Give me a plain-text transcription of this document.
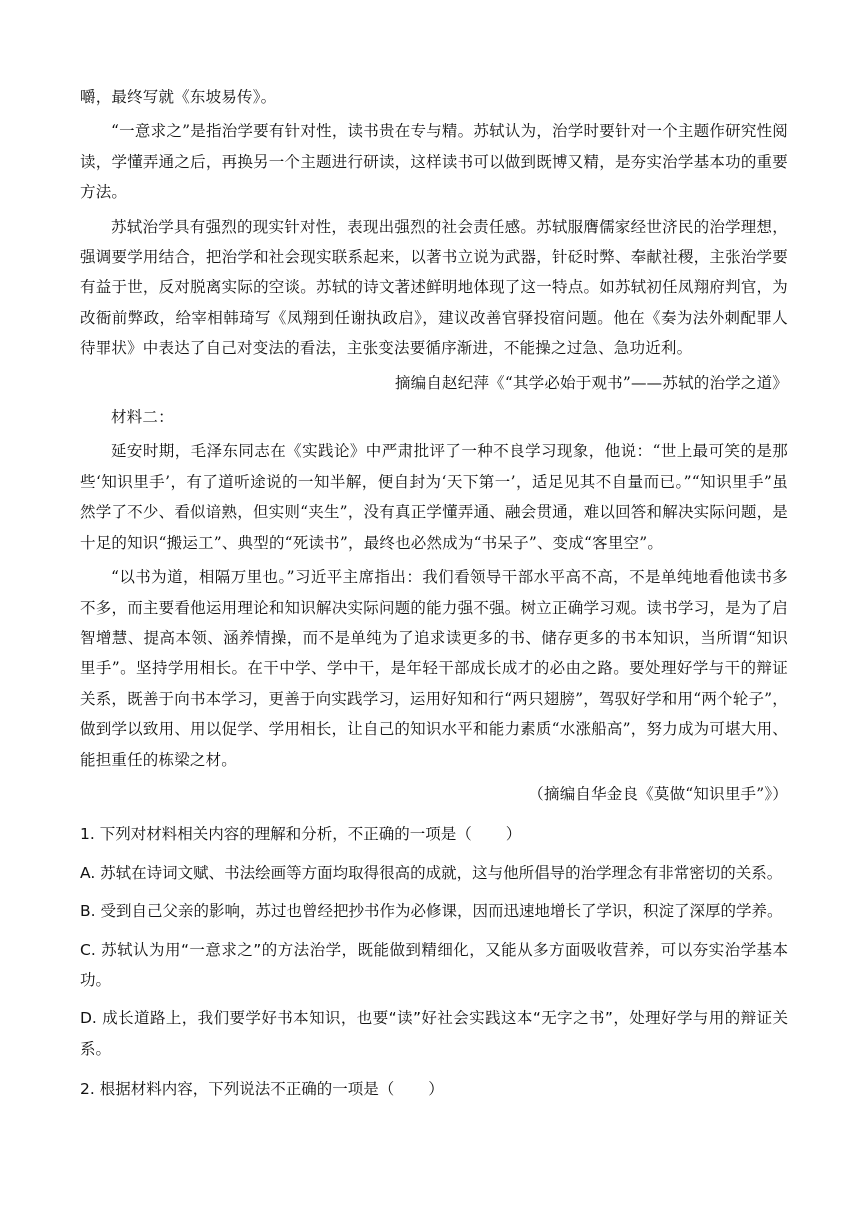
嚼，最终写就《东坡易传》。

“一意求之”是指治学要有针对性，读书贵在专与精。苏轼认为，治学时要针对一个主题作研究性阅读，学懂弄通之后，再换另一个主题进行研读，这样读书可以做到既博又精，是夯实治学基本功的重要方法。

苏轼治学具有强烈的现实针对性，表现出强烈的社会责任感。苏轼服膺儒家经世济民的治学理想，强调要学用结合，把治学和社会现实联系起来，以著书立说为武器，针砭时弊、奉献社稷，主张治学要有益于世，反对脱离实际的空谈。苏轼的诗文著述鲜明地体现了这一特点。如苏轼初任凤翔府判官，为改衙前弊政，给宰相韩琦写《凤翔到任谢执政启》，建议改善官驿投宿问题。他在《奏为法外刺配罪人待罪状》中表达了自己对变法的看法，主张变法要循序渐进，不能操之过急、急功近利。

摘编自赵纪萍《“其学必始于观书”——苏轼的治学之道》

材料二：

延安时期，毛泽东同志在《实践论》中严肃批评了一种不良学习现象，他说：“世上最可笑的是那些‘知识里手’，有了道听途说的一知半解，便自封为‘天下第一’，适足见其不自量而已。”“知识里手”虽然学了不少、看似谙熟，但实则“夹生”，没有真正学懂弄通、融会贯通，难以回答和解决实际问题，是十足的知识“搬运工”、典型的“死读书”，最终也必然成为“书呆子”、变成“客里空”。

“以书为道，相隔万里也。”习近平主席指出：我们看领导干部水平高不高，不是单纯地看他读书多不多，而主要看他运用理论和知识解决实际问题的能力强不强。树立正确学习观。读书学习，是为了启智增慧、提高本领、涵养情操，而不是单纯为了追求读更多的书、储存更多的书本知识，当所谓“知识里手”。坚持学用相长。在干中学、学中干，是年轻干部成长成才的必由之路。要处理好学与干的辩证关系，既善于向书本学习，更善于向实践学习，运用好知和行“两只翅膀”，驾驭好学和用“两个轮子”，做到学以致用、用以促学、学用相长，让自己的知识水平和能力素质“水涨船高”，努力成为可堪大用、能担重任的栋梁之材。

（摘编自华金良《莫做“知识里手”》）

1. 下列对材料相关内容的理解和分析，不正确的一项是（ ）

A. 苏轼在诗词文赋、书法绘画等方面均取得很高的成就，这与他所倡导的治学理念有非常密切的关系。

B. 受到自己父亲的影响，苏过也曾经把抄书作为必修课，因而迅速地增长了学识，积淀了深厚的学养。

C. 苏轼认为用“一意求之”的方法治学，既能做到精细化，又能从多方面吸收营养，可以夯实治学基本功。

D. 成长道路上，我们要学好书本知识，也要“读”好社会实践这本“无字之书”，处理好学与用的辩证关系。

2. 根据材料内容，下列说法不正确的一项是（ ）
